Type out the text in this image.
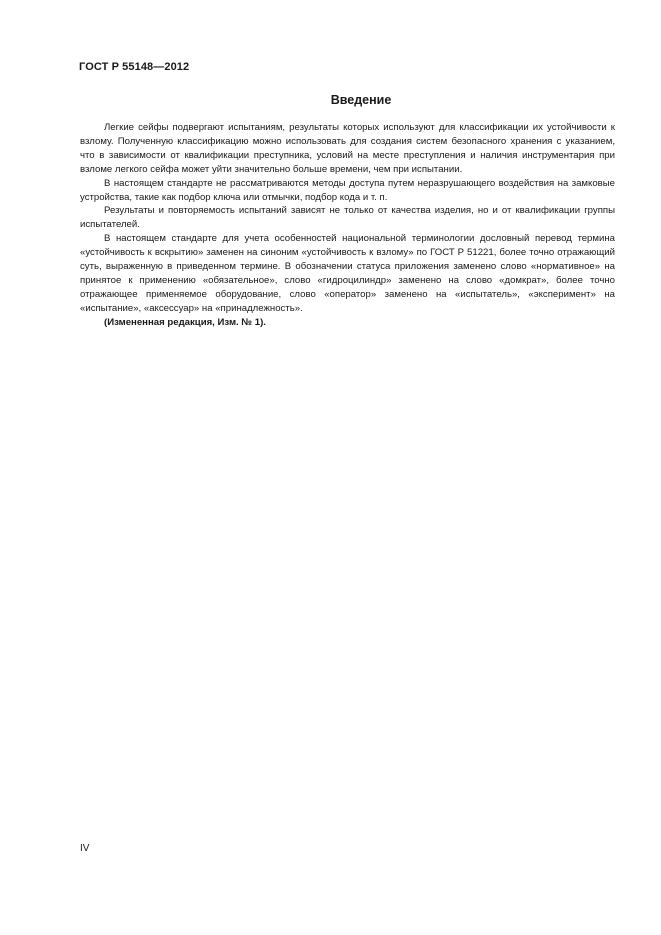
ГОСТ Р 55148—2012
Введение

Легкие сейфы подвергают испытаниям, результаты которых используют для классификации их устойчивости к взлому. Полученную классификацию можно использовать для создания систем безопасного хранения с указанием, что в зависимости от квалификации преступника, условий на месте преступления и наличия инструментария при взломе легкого сейфа может уйти значительно больше времени, чем при испытании.

В настоящем стандарте не рассматриваются методы доступа путем неразрушающего воздействия на замковые устройства, такие как подбор ключа или отмычки, подбор кода и т. п.

Результаты и повторяемость испытаний зависят не только от качества изделия, но и от квалификации группы испытателей.

В настоящем стандарте для учета особенностей национальной терминологии дословный перевод термина «устойчивость к вскрытию» заменен на синоним «устойчивость к взлому» по ГОСТ Р 51221, более точно отражающий суть, выраженную в приведенном термине. В обозначении статуса приложения заменено слово «нормативное» на принятое к применению «обязательное», слово «гидроцилиндр» заменено на слово «домкрат», более точно отражающее применяемое оборудование, слово «оператор» заменено на «испытатель», «эксперимент» на «испытание», «аксессуар» на «принадлежность».

(Измененная редакция, Изм. № 1).

IV
